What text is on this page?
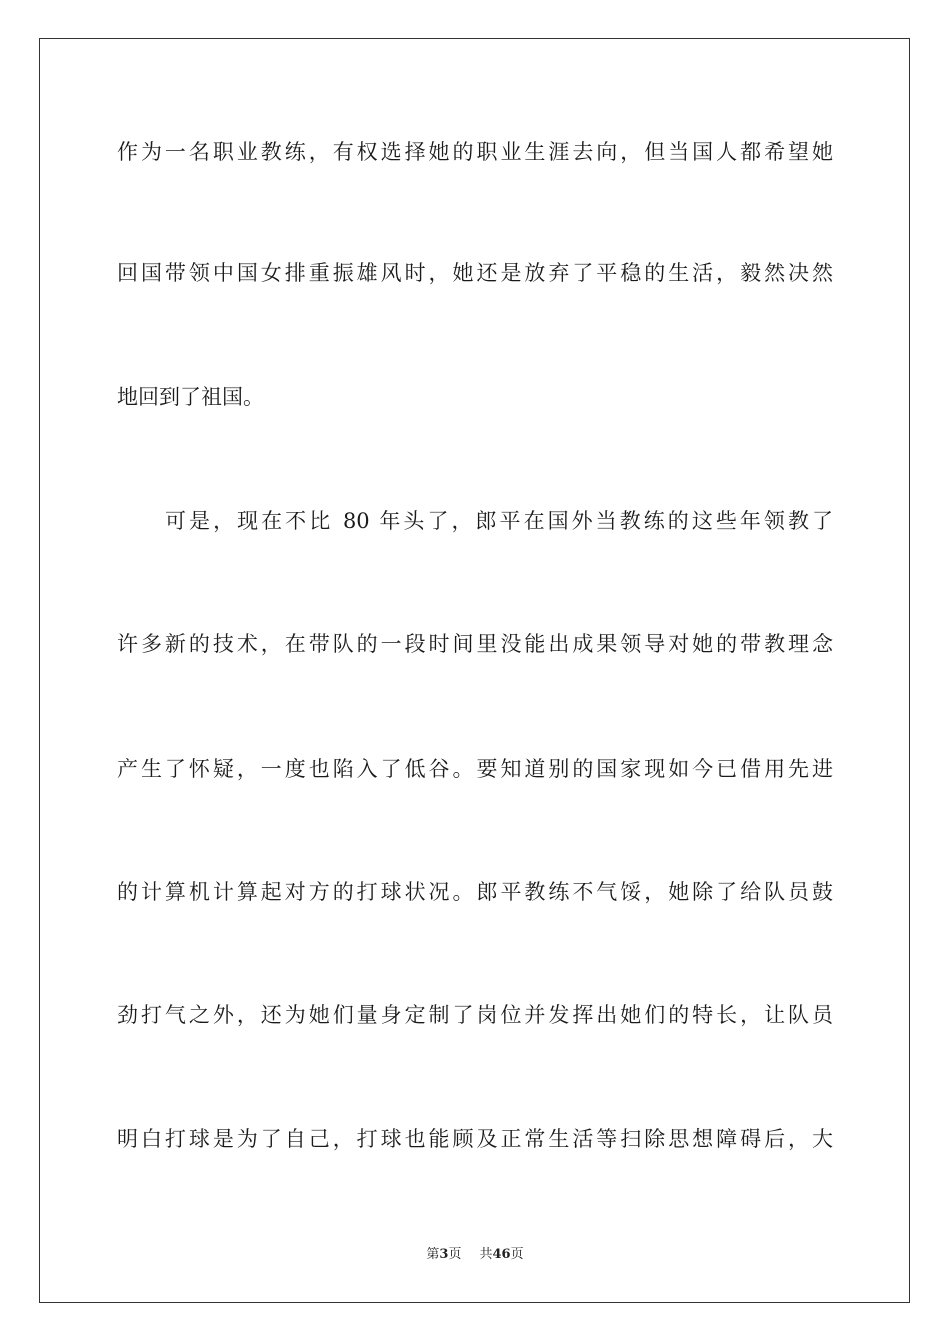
作为一名职业教练，有权选择她的职业生涯去向，但当国人都希望她
回国带领中国女排重振雄风时，她还是放弃了平稳的生活，毅然决然
地回到了祖国。
可是，现在不比 80 年头了，郎平在国外当教练的这些年领教了
许多新的技术，在带队的一段时间里没能出成果领导对她的带教理念
产生了怀疑，一度也陷入了低谷。要知道别的国家现如今已借用先进
的计算机计算起对方的打球状况。郎平教练不气馁，她除了给队员鼓
劲打气之外，还为她们量身定制了岗位并发挥出她们的特长，让队员
明白打球是为了自己，打球也能顾及正常生活等扫除思想障碍后，大
第3页 共46页
